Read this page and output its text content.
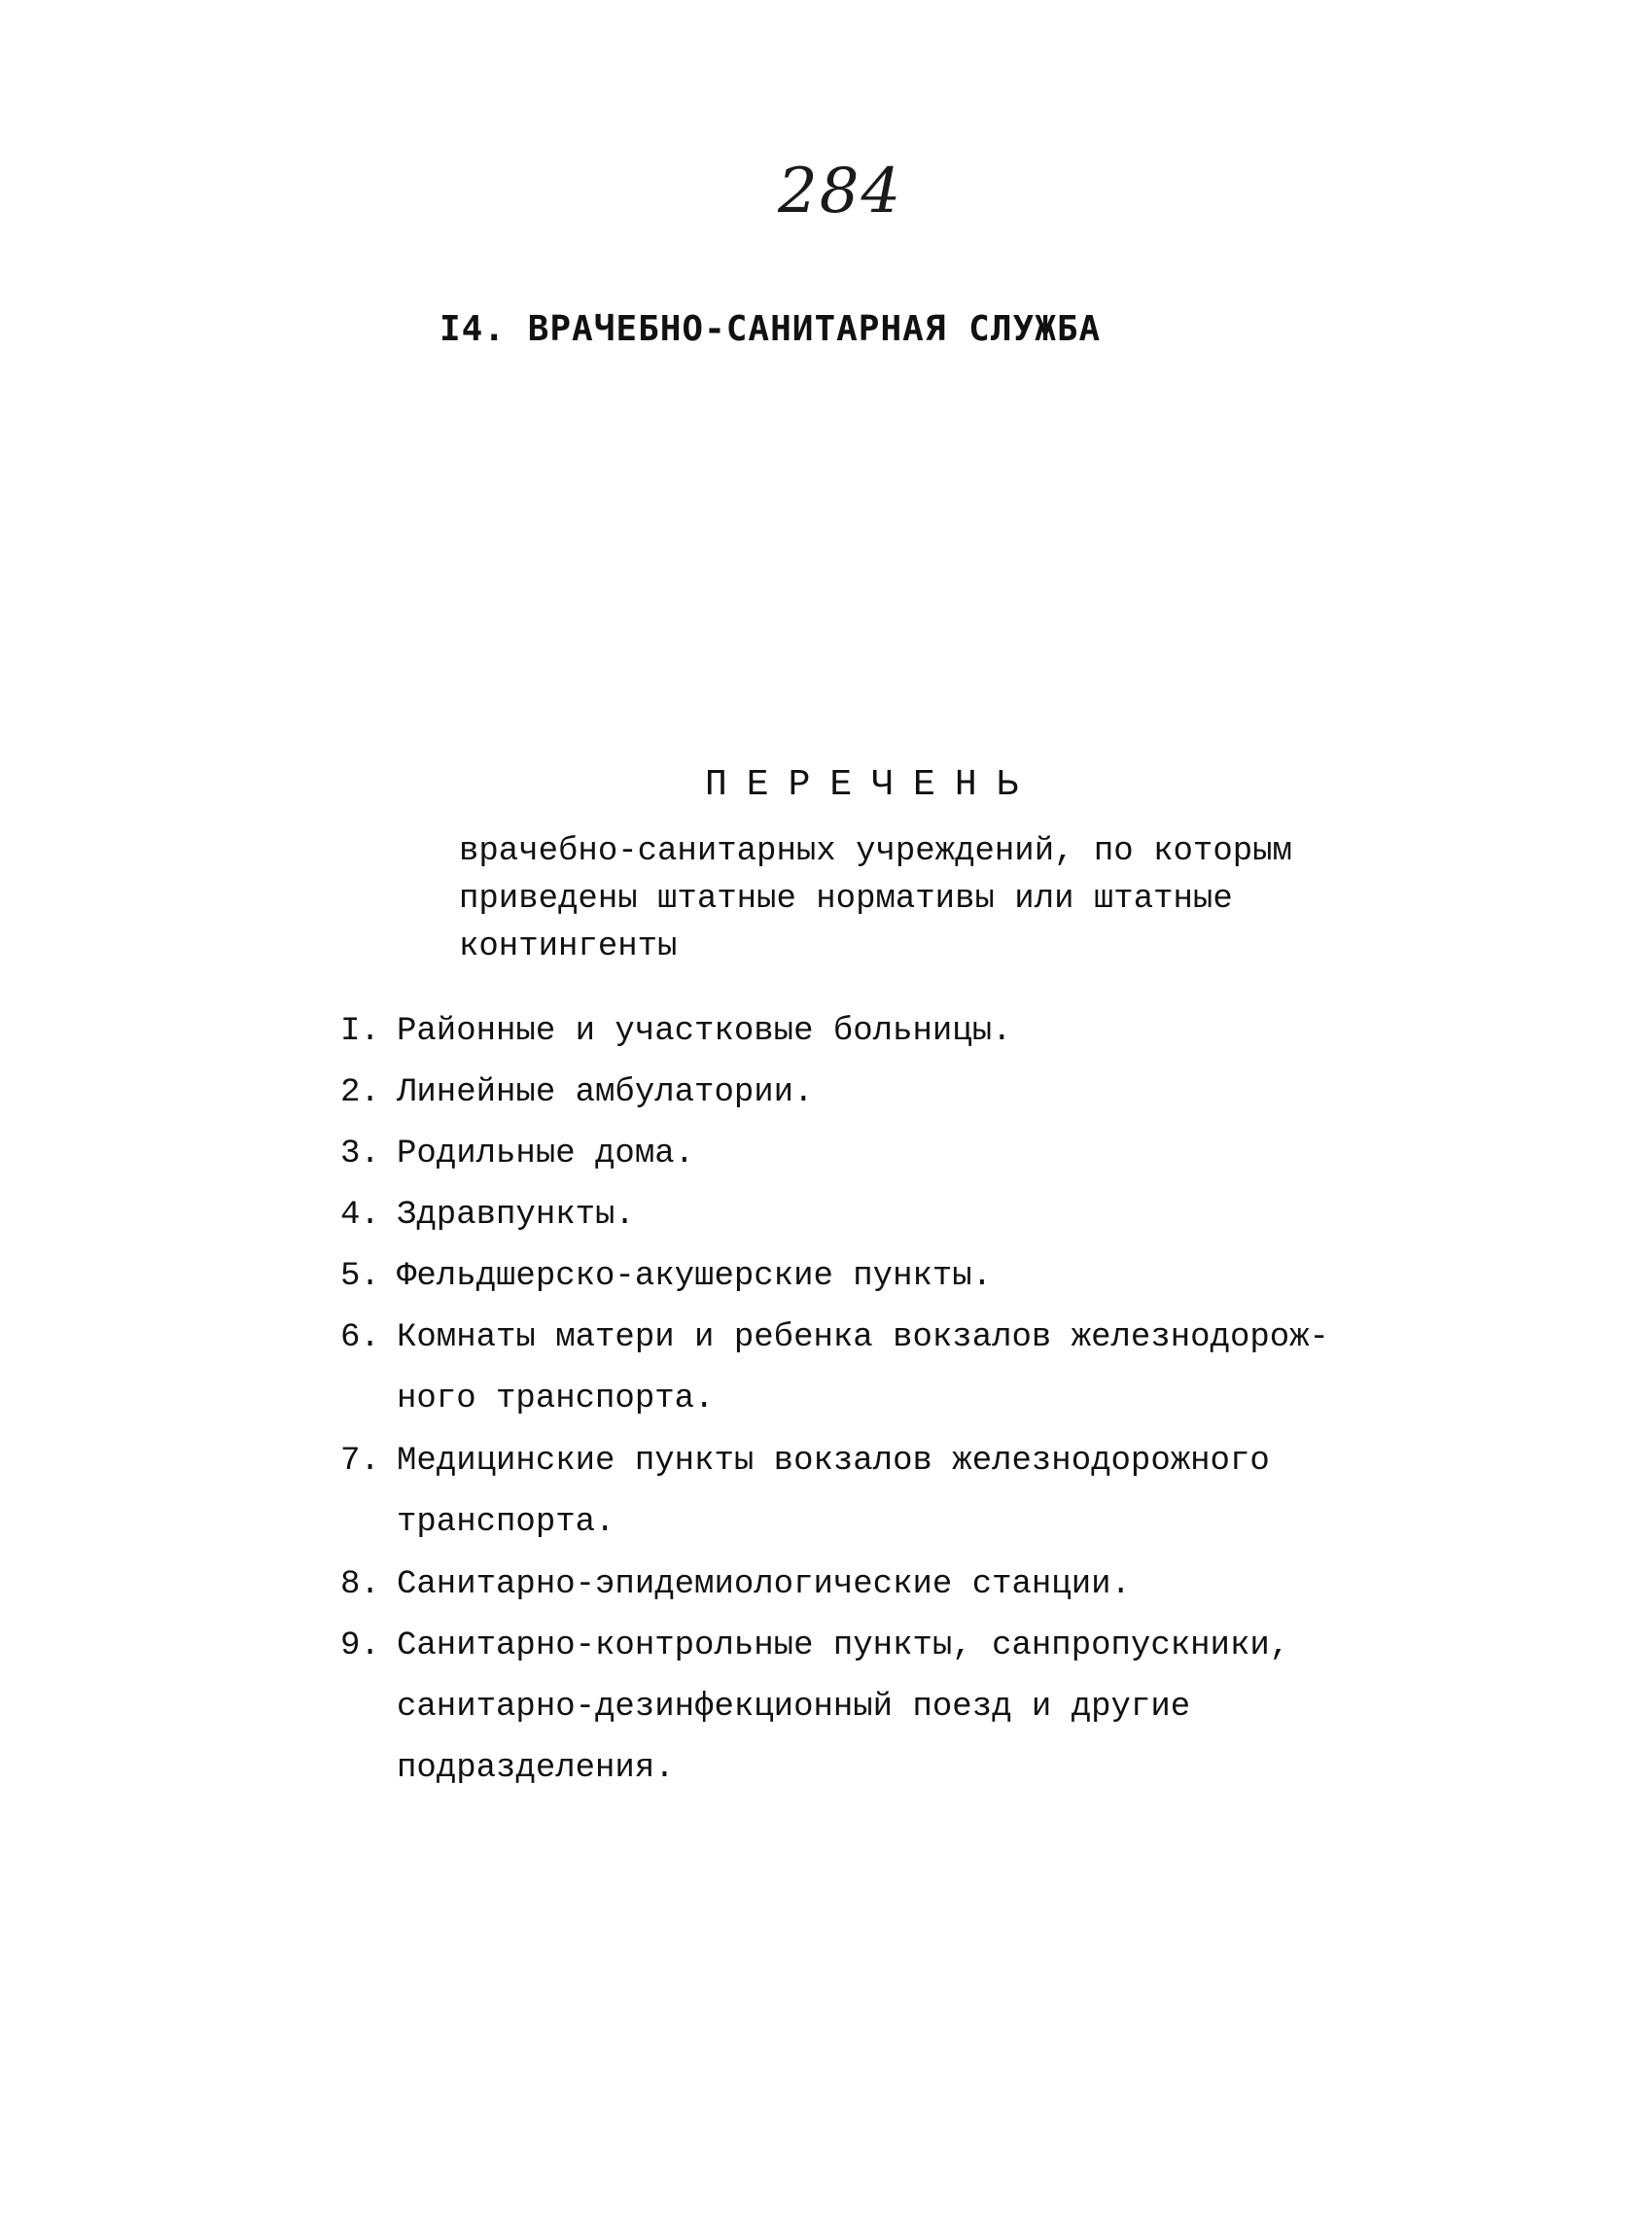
284
I4. ВРАЧЕБНО-САНИТАРНАЯ СЛУЖБА
ПЕРЕЧЕНЬ
врачебно-санитарных учреждений, по которым
приведены штатные нормативы или штатные
контингенты
I. Районные и участковые больницы.
2. Линейные амбулатории.
3. Родильные дома.
4. Здравпункты.
5. Фельдшерско-акушерские пункты.
6. Комнаты матери и ребенка вокзалов железнодорож-
ного транспорта.
7. Медицинские пункты вокзалов железнодорожного
транспорта.
8. Санитарно-эпидемиологические станции.
9. Санитарно-контрольные пункты, санпропускники,
санитарно-дезинфекционный поезд и другие
подразделения.
